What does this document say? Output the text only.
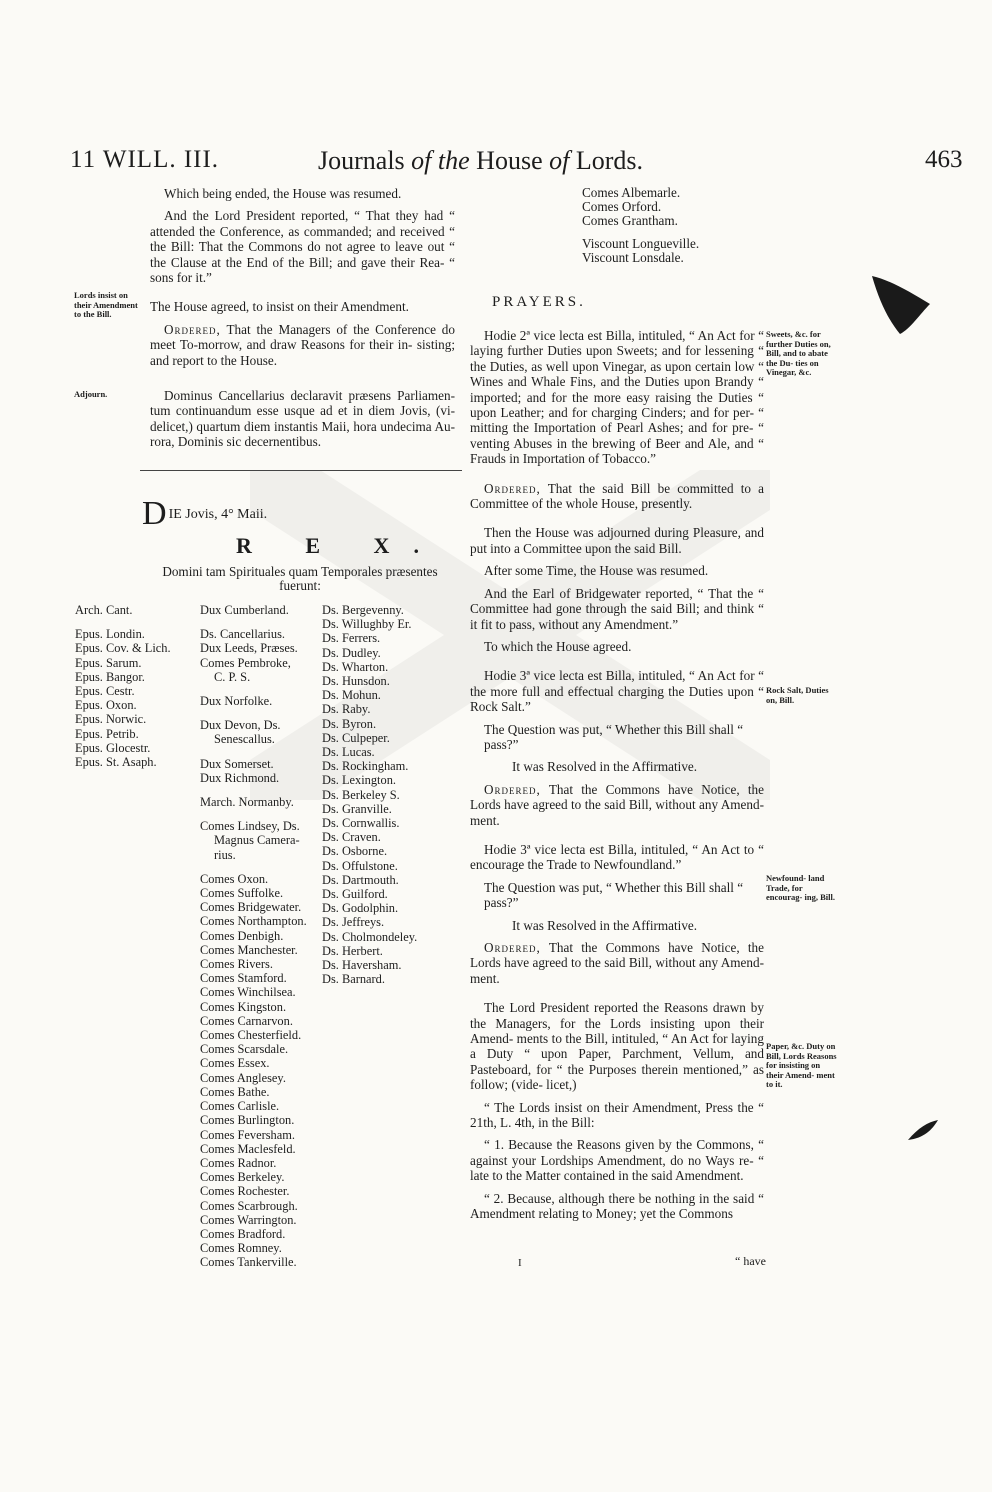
11 WILL. III.	Journals of the House of Lords.	463

Which being ended, the House was resumed.

And the Lord President reported, “ That they had “ attended the Conference, as commanded; and received “ the Bill: That the Commons do not agree to leave out “ the Clause at the End of the Bill; and gave their Rea- “ sons for it.”

The House agreed, to insist on their Amendment.

Ordered, That the Managers of the Conference do meet To-morrow, and draw Reasons for their in- sisting; and report to the House.

Dominus Cancellarius declaravit præsens Parliamen- tum continuandum esse usque ad et in diem Jovis, (vi- delicet,) quartum diem instantis Maii, hora undecima Au- rora, Dominis sic decernentibus.

Lords insist on their Amendment to the Bill.
Adjourn.
DIE Jovis, 4° Maii.
R E X.
Domini tam Spirituales quam Temporales præsentes fuerunt:
Arch. Cant.
Epus. Londin.
Epus. Cov. & Lich.
Epus. Sarum.
Epus. Bangor.
Epus. Cestr.
Epus. Oxon.
Epus. Norwic.
Epus. Petrib.
Epus. Glocestr.
Epus. St. Asaph.
Dux Cumberland.
Ds. Cancellarius.
Dux Leeds, Præses.
Comes Pembroke,
C. P. S.
Dux Norfolke.
Dux Devon, Ds.
Senescallus.
Dux Somerset.
Dux Richmond.
March. Normanby.
Comes Lindsey, Ds.
Magnus Camera-
rius.
Comes Oxon.
Comes Suffolke.
Comes Bridgewater.
Comes Northampton.
Comes Denbigh.
Comes Manchester.
Comes Rivers.
Comes Stamford.
Comes Winchilsea.
Comes Kingston.
Comes Carnarvon.
Comes Chesterfield.
Comes Scarsdale.
Comes Essex.
Comes Anglesey.
Comes Bathe.
Comes Carlisle.
Comes Burlington.
Comes Feversham.
Comes Maclesfeld.
Comes Radnor.
Comes Berkeley.
Comes Rochester.
Comes Scarbrough.
Comes Warrington.
Comes Bradford.
Comes Romney.
Comes Tankerville.
Ds. Bergevenny.
Ds. Willughby Er.
Ds. Ferrers.
Ds. Dudley.
Ds. Wharton.
Ds. Hunsdon.
Ds. Mohun.
Ds. Raby.
Ds. Byron.
Ds. Culpeper.
Ds. Lucas.
Ds. Rockingham.
Ds. Lexington.
Ds. Berkeley S.
Ds. Granville.
Ds. Cornwallis.
Ds. Craven.
Ds. Osborne.
Ds. Offulstone.
Ds. Dartmouth.
Ds. Guilford.
Ds. Godolphin.
Ds. Jeffreys.
Ds. Cholmondeley.
Ds. Herbert.
Ds. Haversham.
Ds. Barnard.
Comes Albemarle.
Comes Orford.
Comes Grantham.
Viscount Longueville.
Viscount Lonsdale.
PRAYERS.

Hodie 2ª vice lecta est Billa, intituled, “ An Act for “ laying further Duties upon Sweets; and for lessening “ the Duties, as well upon Vinegar, as upon certain low “ Wines and Whale Fins, and the Duties upon Brandy “ imported; and for the more easy raising the Duties “ upon Leather; and for charging Cinders; and for per- “ mitting the Importation of Pearl Ashes; and for pre- “ venting Abuses in the brewing of Beer and Ale, and “ Frauds in Importation of Tobacco.”

Ordered, That the said Bill be committed to a Committee of the whole House, presently.

Then the House was adjourned during Pleasure, and put into a Committee upon the said Bill.

After some Time, the House was resumed.

And the Earl of Bridgewater reported, “ That the “ Committee had gone through the said Bill; and think “ it fit to pass, without any Amendment.”

To which the House agreed.

Hodie 3ª vice lecta est Billa, intituled, “ An Act for “ the more full and effectual charging the Duties upon “ Rock Salt.”

The Question was put, “ Whether this Bill shall “ pass?”

It was Resolved in the Affirmative.

Ordered, That the Commons have Notice, the Lords have agreed to the said Bill, without any Amend- ment.

Hodie 3ª vice lecta est Billa, intituled, “ An Act to “ encourage the Trade to Newfoundland.”

The Question was put, “ Whether this Bill shall “ pass?”

It was Resolved in the Affirmative.

Ordered, That the Commons have Notice, the Lords have agreed to the said Bill, without any Amend- ment.

The Lord President reported the Reasons drawn by the Managers, for the Lords insisting upon their Amend- ments to the Bill, intituled, “ An Act for laying a Duty “ upon Paper, Parchment, Vellum, and Pasteboard, for “ the Purposes therein mentioned,” as follow; (vide- licet,)

“ The Lords insist on their Amendment, Press the “ 21th, L. 4th, in the Bill:

“ 1. Because the Reasons given by the Commons, “ against your Lordships Amendment, do no Ways re- “ late to the Matter contained in the said Amendment.

“ 2. Because, although there be nothing in the said “ Amendment relating to Money; yet the Commons

Sweets, &c. for further Duties on, Bill, and to abate the Du- ties on Vinegar, &c.
Rock Salt, Duties on, Bill.
Newfound- land Trade, for encourag- ing, Bill.
Paper, &c. Duty on Bill, Lords Reasons for insisting on their Amend- ment to it.
I	“ have
